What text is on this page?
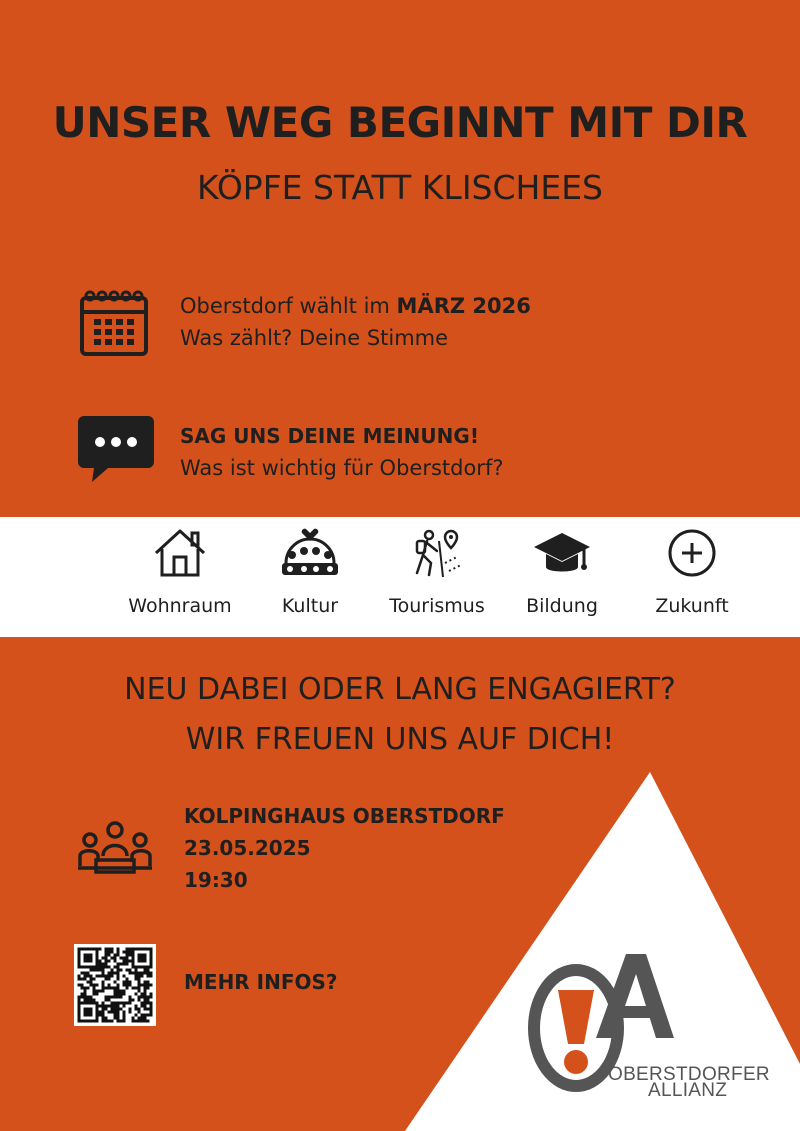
UNSER WEG BEGINNT MIT DIR
KÖPFE STATT KLISCHEES
Oberstdorf wählt im MÄRZ 2026
Was zählt? Deine Stimme
SAG UNS DEINE MEINUNG!
Was ist wichtig für Oberstdorf?
Wohnraum	Kultur	Tourismus	Bildung	Zukunft
NEU DABEI ODER LANG ENGAGIERT?
WIR FREUEN UNS AUF DICH!
KOLPINGHAUS OBERSTDORF
23.05.2025
19:30
MEHR INFOS?
OBERSTDORFER
ALLIANZ
